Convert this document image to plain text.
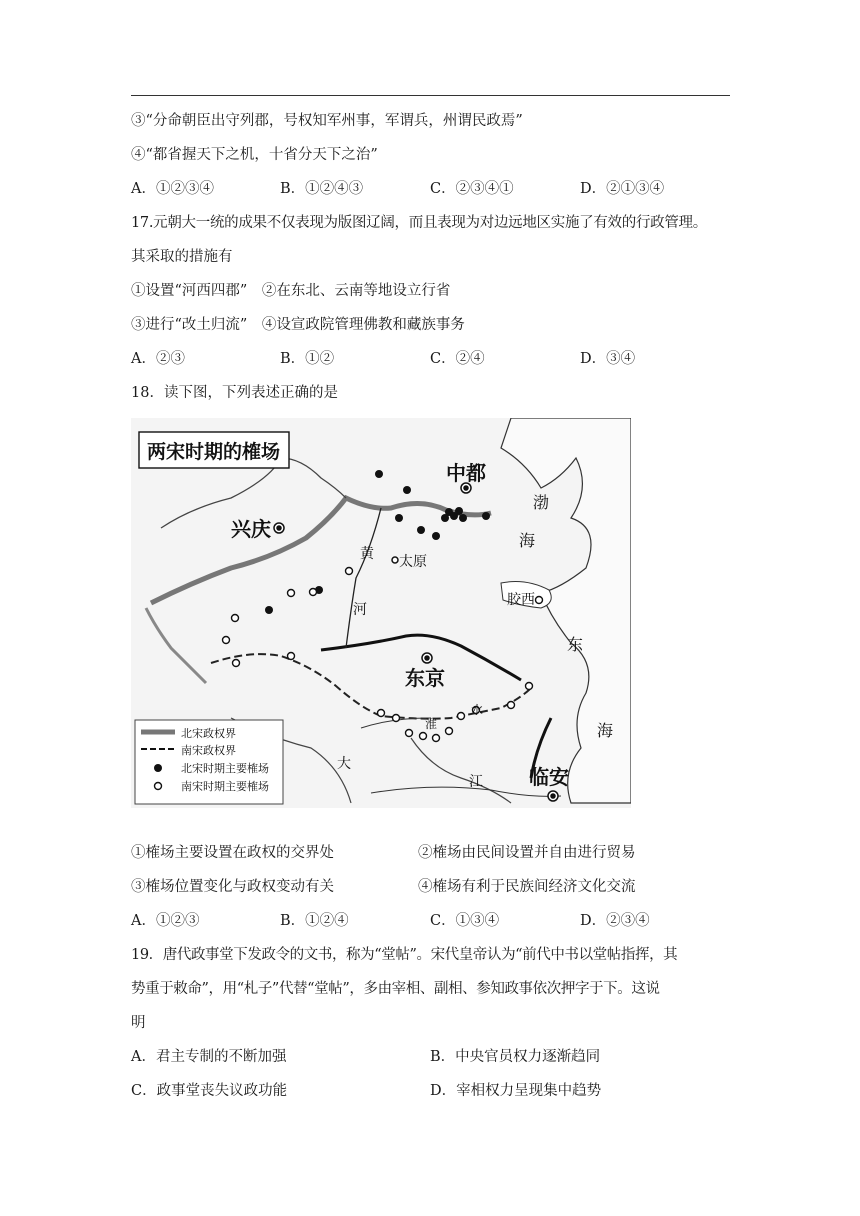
③“分命朝臣出守列郡，号权知军州事，军谓兵，州谓民政焉”
④“都省握天下之机，十省分天下之治”
A．①②③④	B．①②④③	C．②③④①	D．②①③④
17.元朝大一统的成果不仅表现为版图辽阔，而且表现为对边远地区实施了有效的行政管理。
其采取的措施有
①设置“河西四郡”　②在东北、云南等地设立行省
③进行“改土归流”　④设宣政院管理佛教和藏族事务
A．②③	B．①②	C．②④	D．③④
18．读下图，下列表述正确的是
两宋时期的榷场
中都
兴庆
太原
东京
临安
胶西
渤
海
东
海
黄
河
淮
水
大
江
北宋政权界
南宋政权界
北宋时期主要榷场
南宋时期主要榷场
①榷场主要设置在政权的交界处	②榷场由民间设置并自由进行贸易
③榷场位置变化与政权变动有关	④榷场有利于民族间经济文化交流
A．①②③	B．①②④	C．①③④	D．②③④
19．唐代政事堂下发政令的文书，称为“堂帖”。宋代皇帝认为“前代中书以堂帖指挥，其
势重于敕命”，用“札子”代替“堂帖”，多由宰相、副相、参知政事依次押字于下。这说
明
A．君主专制的不断加强	B．中央官员权力逐渐趋同
C．政事堂丧失议政功能	D．宰相权力呈现集中趋势
